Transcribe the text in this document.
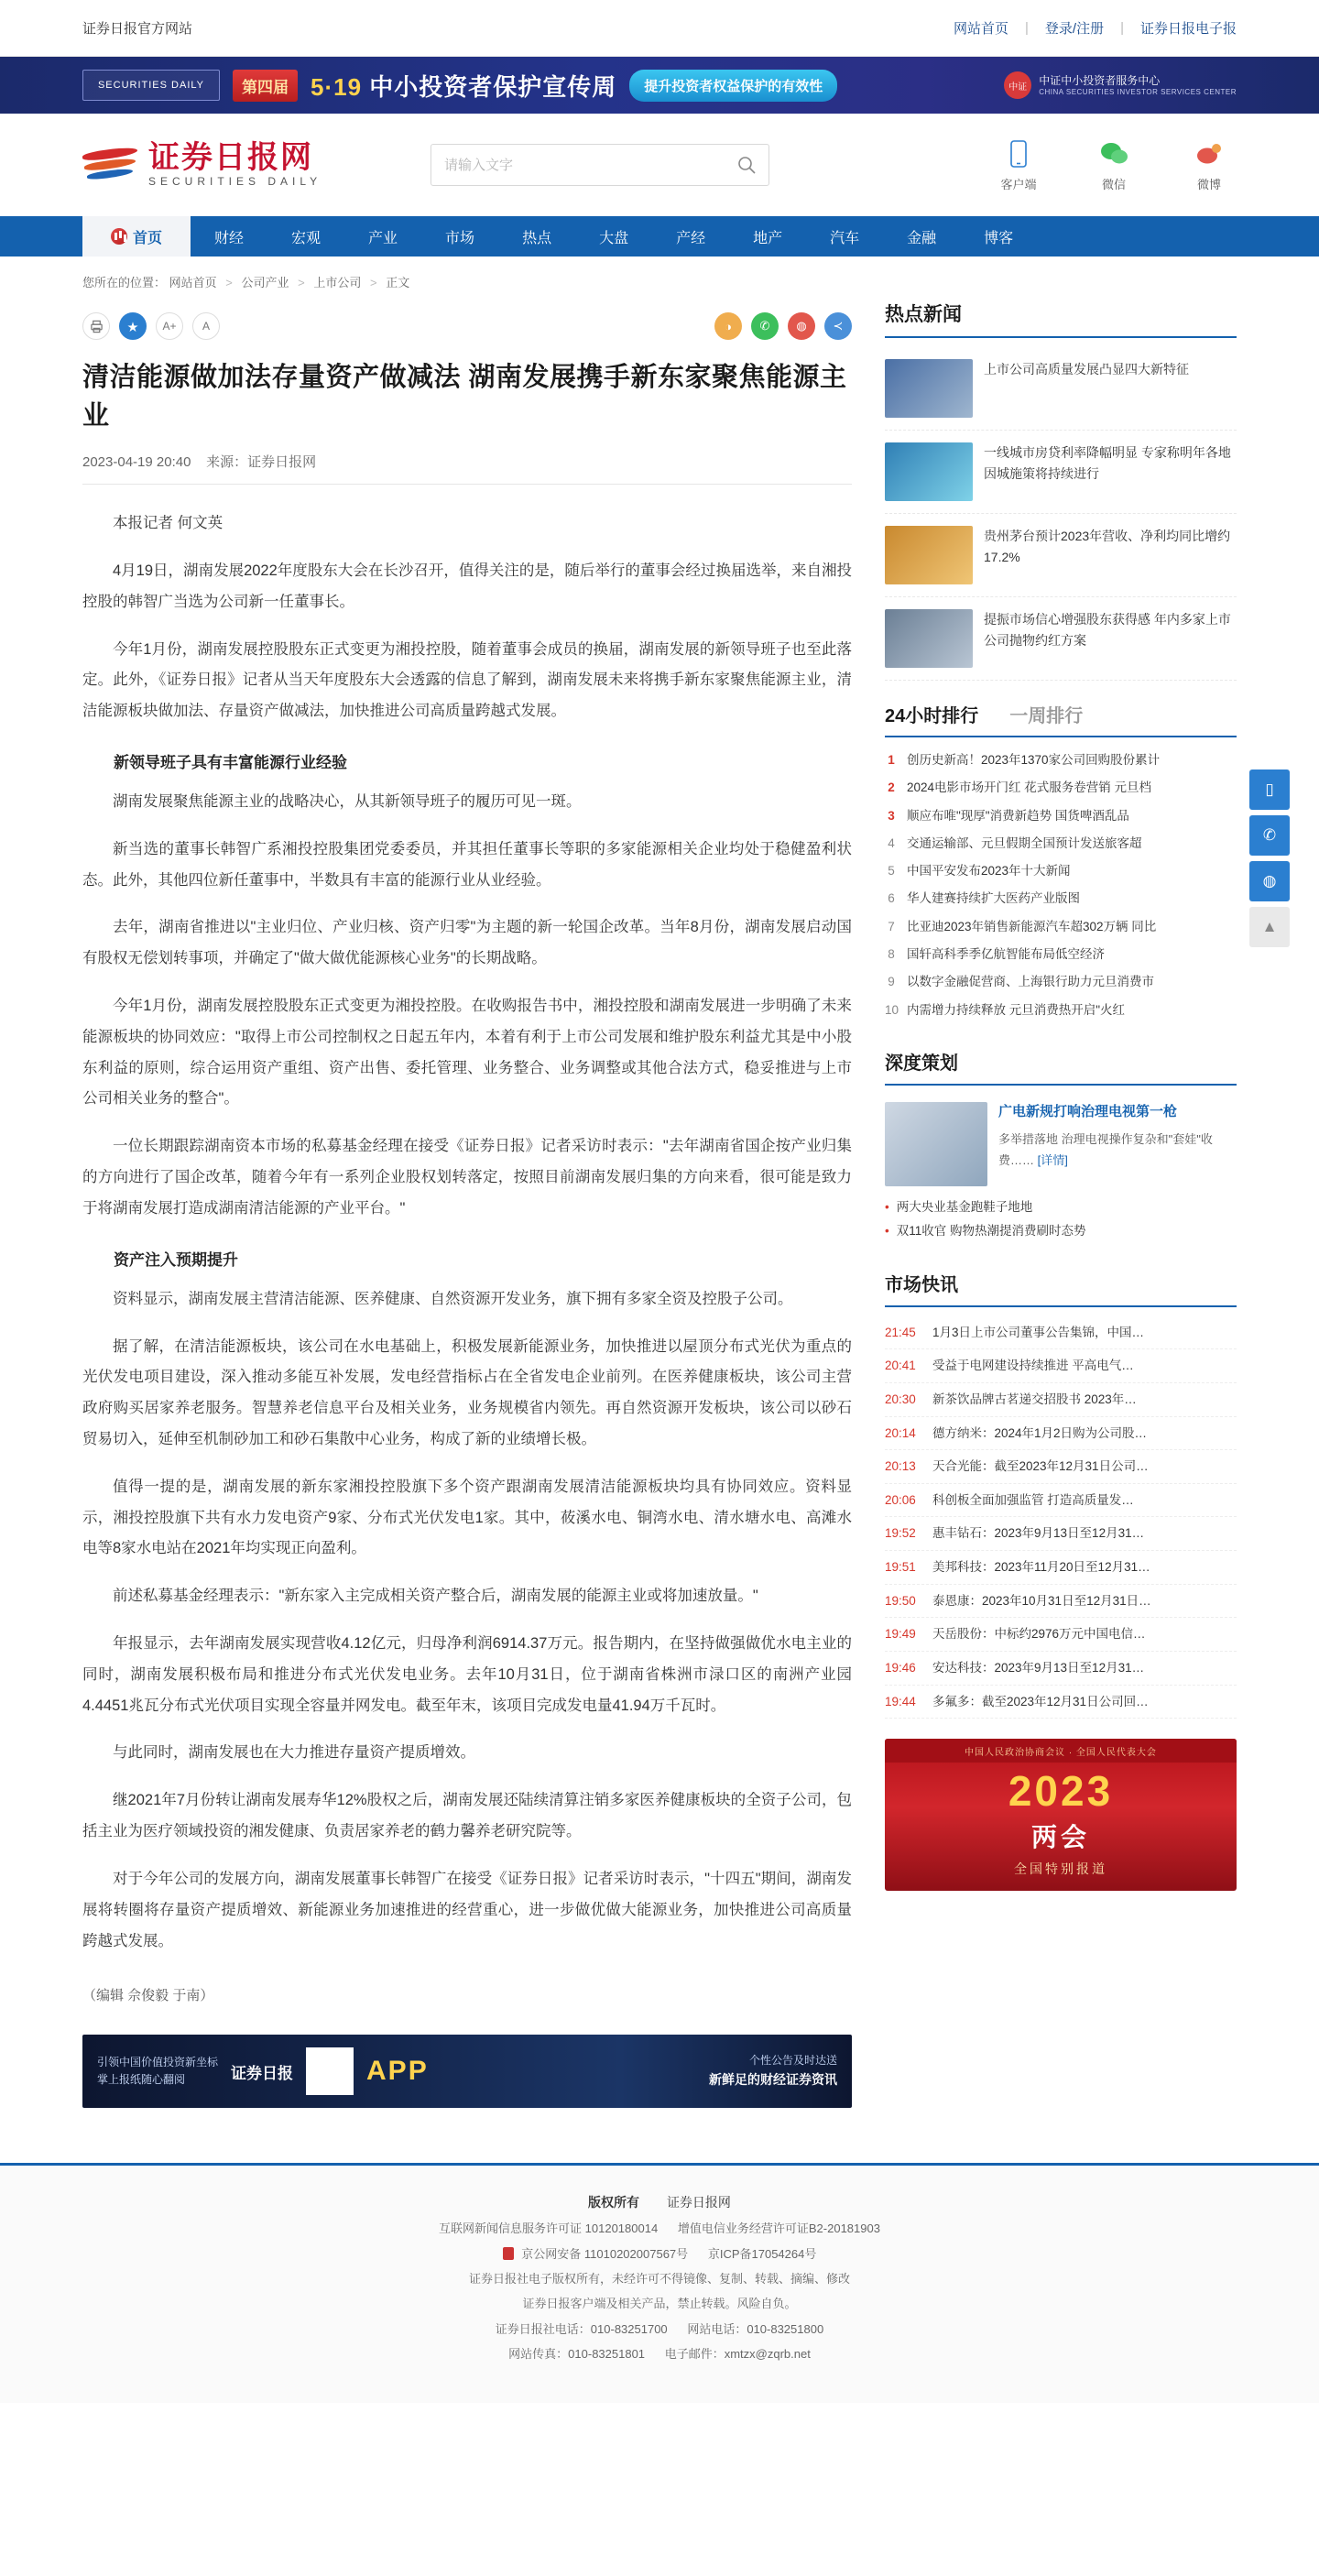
证券日报官方网站	网站首页 | 登录/注册 | 证券日报电子报
SECURITIES DAILY	第四届 5·19 中小投资者保护宣传周	提升投资者权益保护的有效性	中证
中证中小投资者服务中心
CHINA SECURITIES INVESTOR SERVICES CENTER
证券日报网
SECURITIES DAILY
请输入文字	客户端	微信	微博
首页	财经	宏观	产业	市场	热点	大盘	产经	地产	汽车	金融	博客
您所在的位置： 网站首页 > 公司产业 > 上市公司 > 正文
★	A+	A	◑	✆	◍	≺
清洁能源做加法存量资产做减法 湖南发展携手新东家聚焦能源主业
2023-04-19 20:40 来源：证券日报网

本报记者 何文英

4月19日，湖南发展2022年度股东大会在长沙召开，值得关注的是，随后举行的董事会经过换届选举，来自湘投控股的韩智广当选为公司新一任董事长。

今年1月份，湖南发展控股股东正式变更为湘投控股，随着董事会成员的换届，湖南发展的新领导班子也至此落定。此外，《证券日报》记者从当天年度股东大会透露的信息了解到，湖南发展未来将携手新东家聚焦能源主业，清洁能源板块做加法、存量资产做减法，加快推进公司高质量跨越式发展。

新领导班子具有丰富能源行业经验

湖南发展聚焦能源主业的战略决心，从其新领导班子的履历可见一斑。

新当选的董事长韩智广系湘投控股集团党委委员，并其担任董事长等职的多家能源相关企业均处于稳健盈利状态。此外，其他四位新任董事中，半数具有丰富的能源行业从业经验。

去年，湖南省推进以"主业归位、产业归核、资产归零"为主题的新一轮国企改革。当年8月份，湖南发展启动国有股权无偿划转事项，并确定了"做大做优能源核心业务"的长期战略。

今年1月份，湖南发展控股股东正式变更为湘投控股。在收购报告书中，湘投控股和湖南发展进一步明确了未来能源板块的协同效应："取得上市公司控制权之日起五年内，本着有利于上市公司发展和维护股东利益尤其是中小股东利益的原则，综合运用资产重组、资产出售、委托管理、业务整合、业务调整或其他合法方式，稳妥推进与上市公司相关业务的整合"。

一位长期跟踪湖南资本市场的私募基金经理在接受《证券日报》记者采访时表示："去年湖南省国企按产业归集的方向进行了国企改革，随着今年有一系列企业股权划转落定，按照目前湖南发展归集的方向来看，很可能是致力于将湖南发展打造成湖南清洁能源的产业平台。"

资产注入预期提升

资料显示，湖南发展主营清洁能源、医养健康、自然资源开发业务，旗下拥有多家全资及控股子公司。

据了解，在清洁能源板块，该公司在水电基础上，积极发展新能源业务，加快推进以屋顶分布式光伏为重点的光伏发电项目建设，深入推动多能互补发展，发电经营指标占在全省发电企业前列。在医养健康板块，该公司主营政府购买居家养老服务。智慧养老信息平台及相关业务，业务规模省内领先。再自然资源开发板块，该公司以砂石贸易切入，延伸至机制砂加工和砂石集散中心业务，构成了新的业绩增长极。

值得一提的是，湖南发展的新东家湘投控股旗下多个资产跟湖南发展清洁能源板块均具有协同效应。资料显示，湘投控股旗下共有水力发电资产9家、分布式光伏发电1家。其中，莜溪水电、铜湾水电、清水塘水电、高滩水电等8家水电站在2021年均实现正向盈利。

前述私募基金经理表示："新东家入主完成相关资产整合后，湖南发展的能源主业或将加速放量。"

年报显示，去年湖南发展实现营收4.12亿元，归母净利润6914.37万元。报告期内，在坚持做强做优水电主业的同时，湖南发展积极布局和推进分布式光伏发电业务。去年10月31日，位于湖南省株洲市渌口区的南洲产业园4.4451兆瓦分布式光伏项目实现全容量并网发电。截至年末，该项目完成发电量41.94万千瓦时。

与此同时，湖南发展也在大力推进存量资产提质增效。

继2021年7月份转让湖南发展寿华12%股权之后，湖南发展还陆续清算注销多家医养健康板块的全资子公司，包括主业为医疗领域投资的湘发健康、负责居家养老的鹤力馨养老研究院等。

对于今年公司的发展方向，湖南发展董事长韩智广在接受《证券日报》记者采访时表示，"十四五"期间，湖南发展将转圈将存量资产提质增效、新能源业务加速推进的经营重心，进一步做优做大能源业务，加快推进公司高质量跨越式发展。

（编辑 佘俊毅 于南）

引领中国价值投资新坐标
掌上报纸随心翻阅	证券日报	APP	个性公告及时达送
新鲜足的财经证券资讯
热点新闻
上市公司高质量发展凸显四大新特征
一线城市房贷利率降幅明显 专家称明年各地因城施策将持续进行
贵州茅台预计2023年营收、净利均同比增约17.2%
提振市场信心增强股东获得感 年内多家上市公司抛物约红方案
24小时排行 一周排行
1 创历史新高！2023年1370家公司回购股份累计
2 2024电影市场开门红 花式服务卷营销 元旦档
3 顺应布唯"现厚"消费新趋势 国货啤酒乱品
4 交通运输部、元旦假期全国预计发送旅客超
5 中国平安发布2023年十大新闻
6 华人建赛持续扩大医药产业版图
7 比亚迪2023年销售新能源汽车超302万辆 同比
8 国轩高科季季亿航智能布局低空经济
9 以数字金融促营商、上海银行助力元旦消费市
10 内需增力持续释放 元旦消费热开启"火红
深度策划
广电新规打响治理电视第一枪
多举措落地 治理电视操作复杂和"套娃"收费…… [详情]
• 两大央业基金跑鞋子地地
• 双11收官 购物热潮提消费刷时态势
市场快讯
21:45	1月3日上市公司董事公告集锦，中国…
20:41	受益于电网建设持续推进 平高电气…
20:30	新茶饮品牌古茗递交招股书 2023年…
20:14	德方纳米：2024年1月2日购为公司股…
20:13	天合光能：截至2023年12月31日公司…
20:06	科创板全面加强监管 打造高质量发…
19:52	惠丰钻石：2023年9月13日至12月31…
19:51	美邦科技：2023年11月20日至12月31…
19:50	泰恩康：2023年10月31日至12月31日…
19:49	天岳股份：中标约2976万元中国电信…
19:46	安达科技：2023年9月13日至12月31…
19:44	多氟多：截至2023年12月31日公司回…
中国人民政治协商会议 · 全国人民代表大会
2023
两会
全国特别报道
▯
✆
◍
▲
版权所有 证券日报网
互联网新闻信息服务许可证 10120180014 增值电信业务经营许可证B2-20181903
京公网安备 11010202007567号 京ICP备17054264号
证券日报社电子版权所有，未经许可不得镜像、复制、转载、摘编、修改
证券日报客户端及相关产品，禁止转载。风险自负。
证券日报社电话：010-83251700 网站电话：010-83251800
网站传真：010-83251801 电子邮件：xmtzx@zqrb.net
